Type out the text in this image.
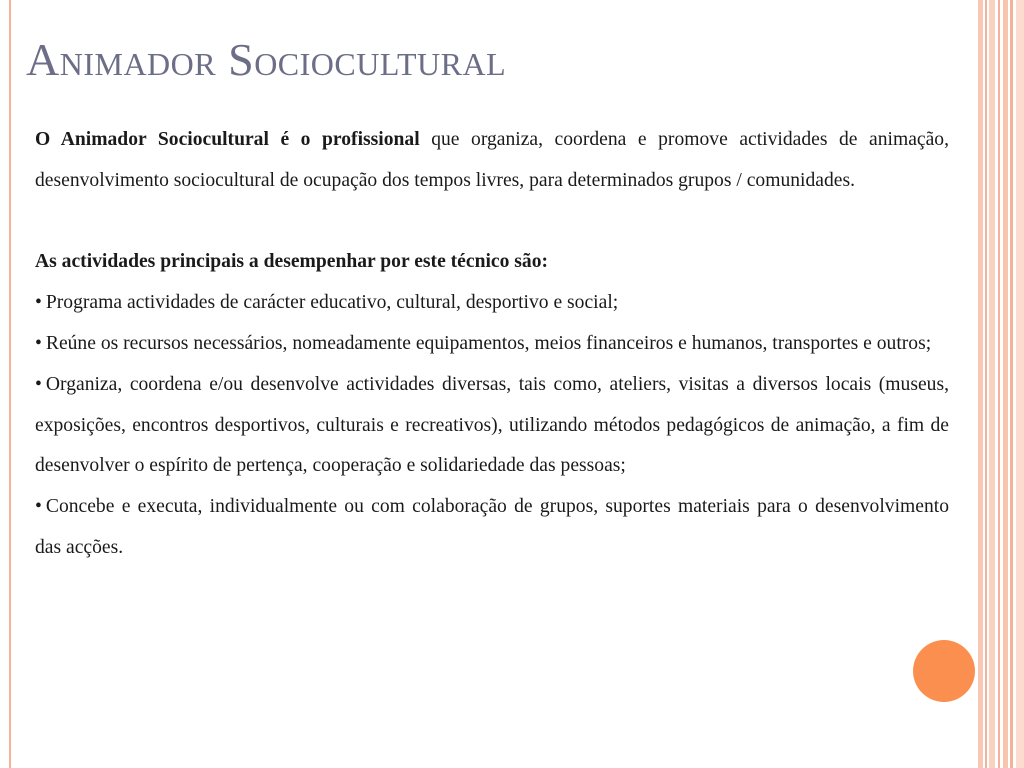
Animador Sociocultural

O Animador Sociocultural é o profissional que organiza, coordena e promove actividades de animação, desenvolvimento sociocultural de ocupação dos tempos livres, para determinados grupos / comunidades.

As actividades principais a desempenhar por este técnico são:

• Programa actividades de carácter educativo, cultural, desportivo e social;

• Reúne os recursos necessários, nomeadamente equipamentos, meios financeiros e humanos, transportes e outros;

• Organiza, coordena e/ou desenvolve actividades diversas, tais como, ateliers, visitas a diversos locais (museus, exposições, encontros desportivos, culturais e recreativos), utilizando métodos pedagógicos de animação, a fim de desenvolver o espírito de pertença, cooperação e solidariedade das pessoas;

• Concebe e executa, individualmente ou com colaboração de grupos, suportes materiais para o desenvolvimento das acções.
